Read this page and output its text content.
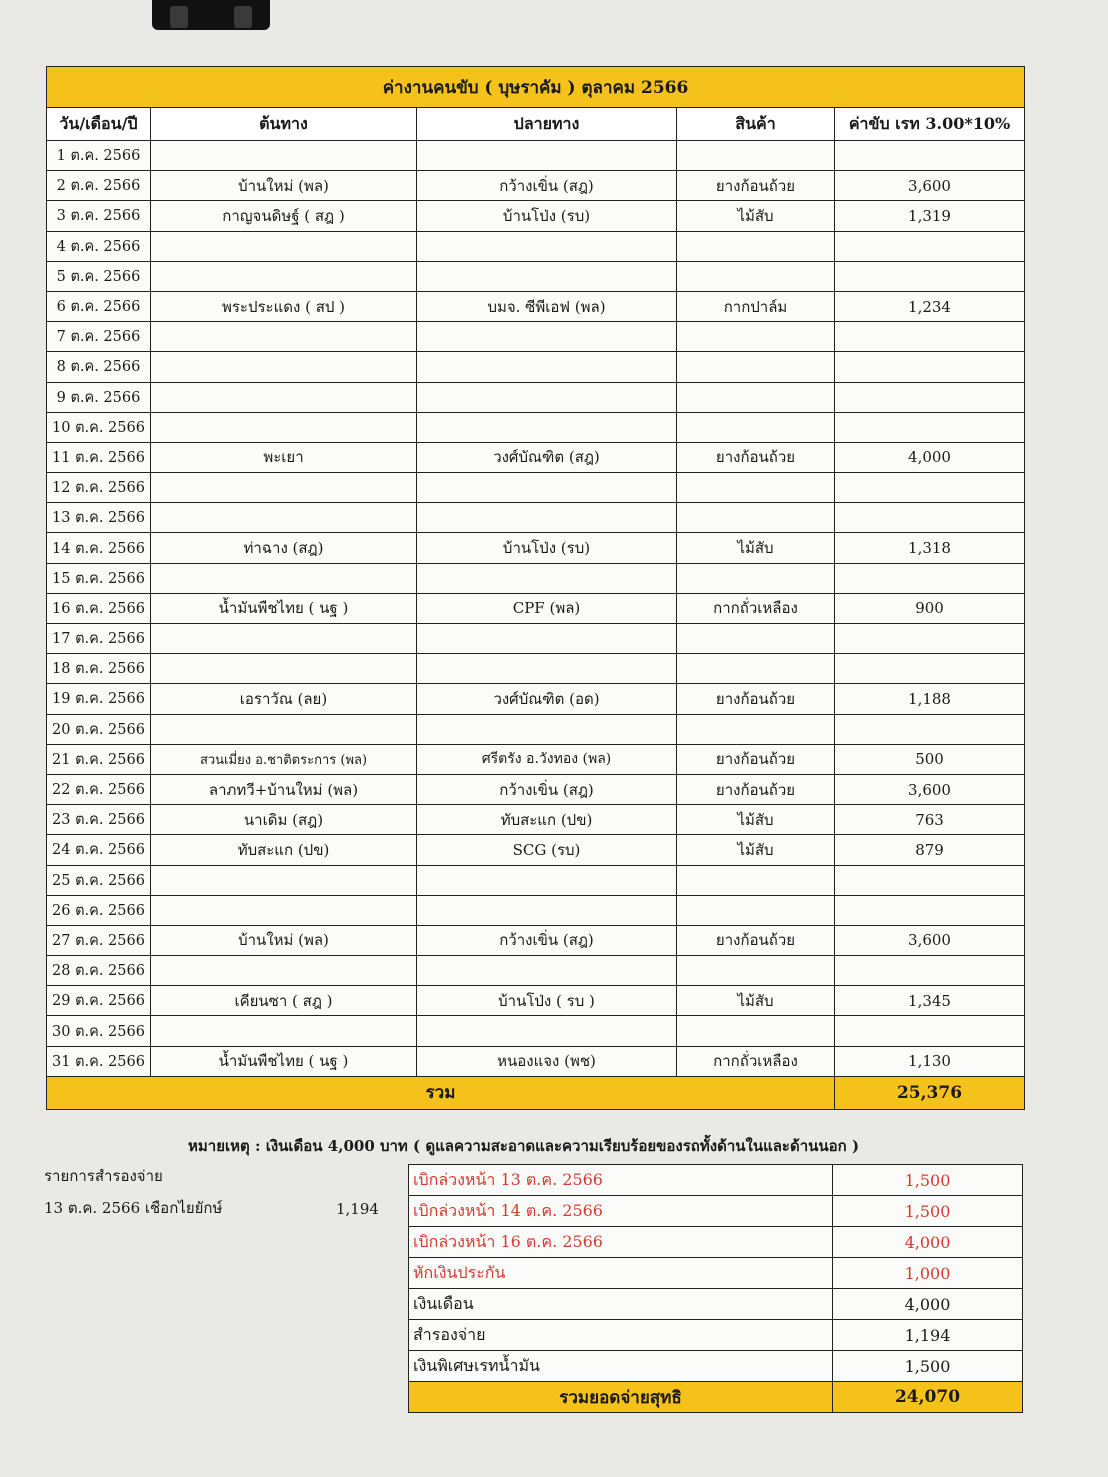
ค่างานคนขับ ( บุษราคัม ) ตุลาคม 2566				
วัน/เดือน/ปี	ต้นทาง	ปลายทาง	สินค้า	ค่าขับ เรท 3.00*10%
1 ต.ค. 2566				
2 ต.ค. 2566	บ้านใหม่ (พล)	กว้างเขิ่น (สฎ)	ยางก้อนถ้วย	3,600
3 ต.ค. 2566	กาญจนดิษฐ์ ( สฎ )	บ้านโป่ง (รบ)	ไม้สับ	1,319
4 ต.ค. 2566				
5 ต.ค. 2566				
6 ต.ค. 2566	พระประแดง ( สป )	บมจ. ซีพีเอฟ (พล)	กากปาล์ม	1,234
7 ต.ค. 2566				
8 ต.ค. 2566				
9 ต.ค. 2566				
10 ต.ค. 2566				
11 ต.ค. 2566	พะเยา	วงศ์บัณฑิต (สฎ)	ยางก้อนถ้วย	4,000
12 ต.ค. 2566				
13 ต.ค. 2566				
14 ต.ค. 2566	ท่าฉาง (สฎ)	บ้านโป่ง (รบ)	ไม้สับ	1,318
15 ต.ค. 2566				
16 ต.ค. 2566	น้ำมันพืชไทย ( นฐ )	CPF (พล)	กากถั่วเหลือง	900
17 ต.ค. 2566				
18 ต.ค. 2566				
19 ต.ค. 2566	เอราวัณ (ลย)	วงศ์บัณฑิต (อด)	ยางก้อนถ้วย	1,188
20 ต.ค. 2566				
21 ต.ค. 2566	สวนเมี่ยง อ.ชาติตระการ (พล)	ศรีตรัง อ.วังทอง (พล)	ยางก้อนถ้วย	500
22 ต.ค. 2566	ลาภทวี+บ้านใหม่ (พล)	กว้างเขิ่น (สฎ)	ยางก้อนถ้วย	3,600
23 ต.ค. 2566	นาเดิม (สฎ)	ทับสะแก (ปข)	ไม้สับ	763
24 ต.ค. 2566	ทับสะแก (ปข)	SCG (รบ)	ไม้สับ	879
25 ต.ค. 2566				
26 ต.ค. 2566				
27 ต.ค. 2566	บ้านใหม่ (พล)	กว้างเขิ่น (สฎ)	ยางก้อนถ้วย	3,600
28 ต.ค. 2566				
29 ต.ค. 2566	เคียนซา ( สฎ )	บ้านโป่ง ( รบ )	ไม้สับ	1,345
30 ต.ค. 2566				
31 ต.ค. 2566	น้ำมันพืชไทย ( นฐ )	หนองแจง (พช)	กากถั่วเหลือง	1,130
รวม				25,376
หมายเหตุ : เงินเดือน 4,000 บาท ( ดูแลความสะอาดและความเรียบร้อยของรถทั้งด้านในและด้านนอก )
รายการสำรองจ่าย
13 ต.ค. 2566 เชือกไยยักษ์	1,194
เบิกล่วงหน้า 13 ต.ค. 2566	1,500
เบิกล่วงหน้า 14 ต.ค. 2566	1,500
เบิกล่วงหน้า 16 ต.ค. 2566	4,000
หักเงินประกัน	1,000
เงินเดือน	4,000
สำรองจ่าย	1,194
เงินพิเศษเรทน้ำมัน	1,500
รวมยอดจ่ายสุทธิ	24,070
